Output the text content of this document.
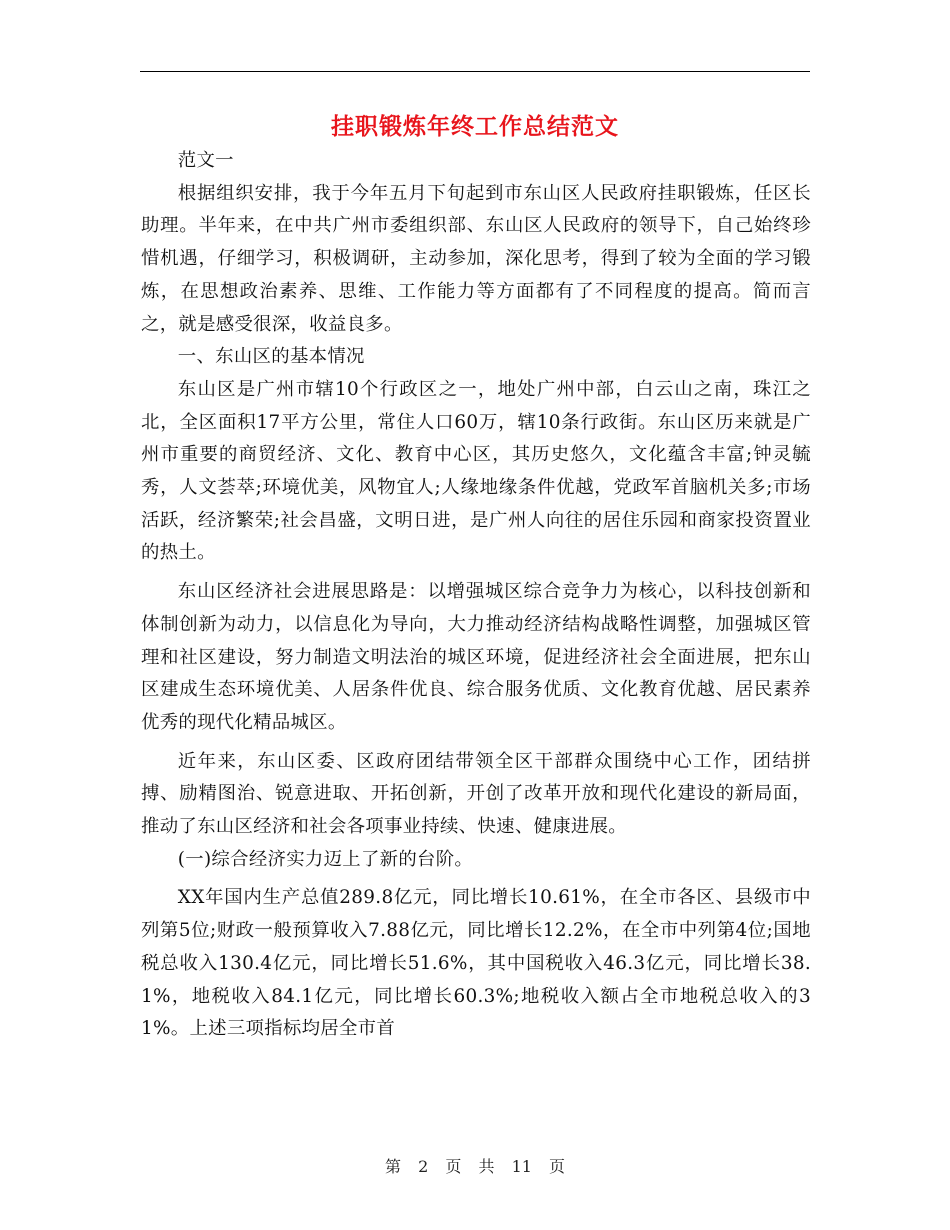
挂职锻炼年终工作总结范文

范文一

根据组织安排，我于今年五月下旬起到市东山区人民政府挂职锻炼，任区长助理。半年来，在中共广州市委组织部、东山区人民政府的领导下，自己始终珍惜机遇，仔细学习，积极调研，主动参加，深化思考，得到了较为全面的学习锻炼，在思想政治素养、思维、工作能力等方面都有了不同程度的提高。简而言之，就是感受很深，收益良多。

一、东山区的基本情况

东山区是广州市辖10个行政区之一，地处广州中部，白云山之南，珠江之北，全区面积17平方公里，常住人口60万，辖10条行政街。东山区历来就是广州市重要的商贸经济、文化、教育中心区，其历史悠久，文化蕴含丰富;钟灵毓秀，人文荟萃;环境优美，风物宜人;人缘地缘条件优越，党政军首脑机关多;市场活跃，经济繁荣;社会昌盛，文明日进，是广州人向往的居住乐园和商家投资置业的热土。

东山区经济社会进展思路是：以增强城区综合竞争力为核心，以科技创新和体制创新为动力，以信息化为导向，大力推动经济结构战略性调整，加强城区管理和社区建设，努力制造文明法治的城区环境，促进经济社会全面进展，把东山区建成生态环境优美、人居条件优良、综合服务优质、文化教育优越、居民素养优秀的现代化精品城区。

近年来，东山区委、区政府团结带领全区干部群众围绕中心工作，团结拼搏、励精图治、锐意进取、开拓创新，开创了改革开放和现代化建设的新局面，推动了东山区经济和社会各项事业持续、快速、健康进展。

(一)综合经济实力迈上了新的台阶。

XX年国内生产总值289.8亿元，同比增长10.61%，在全市各区、县级市中列第5位;财政一般预算收入7.88亿元，同比增长12.2%，在全市中列第4位;国地税总收入130.4亿元，同比增长51.6%，其中国税收入46.3亿元，同比增长38.1%，地税收入84.1亿元，同比增长60.3%;地税收入额占全市地税总收入的31%。上述三项指标均居全市首

第 2 页 共 11 页
